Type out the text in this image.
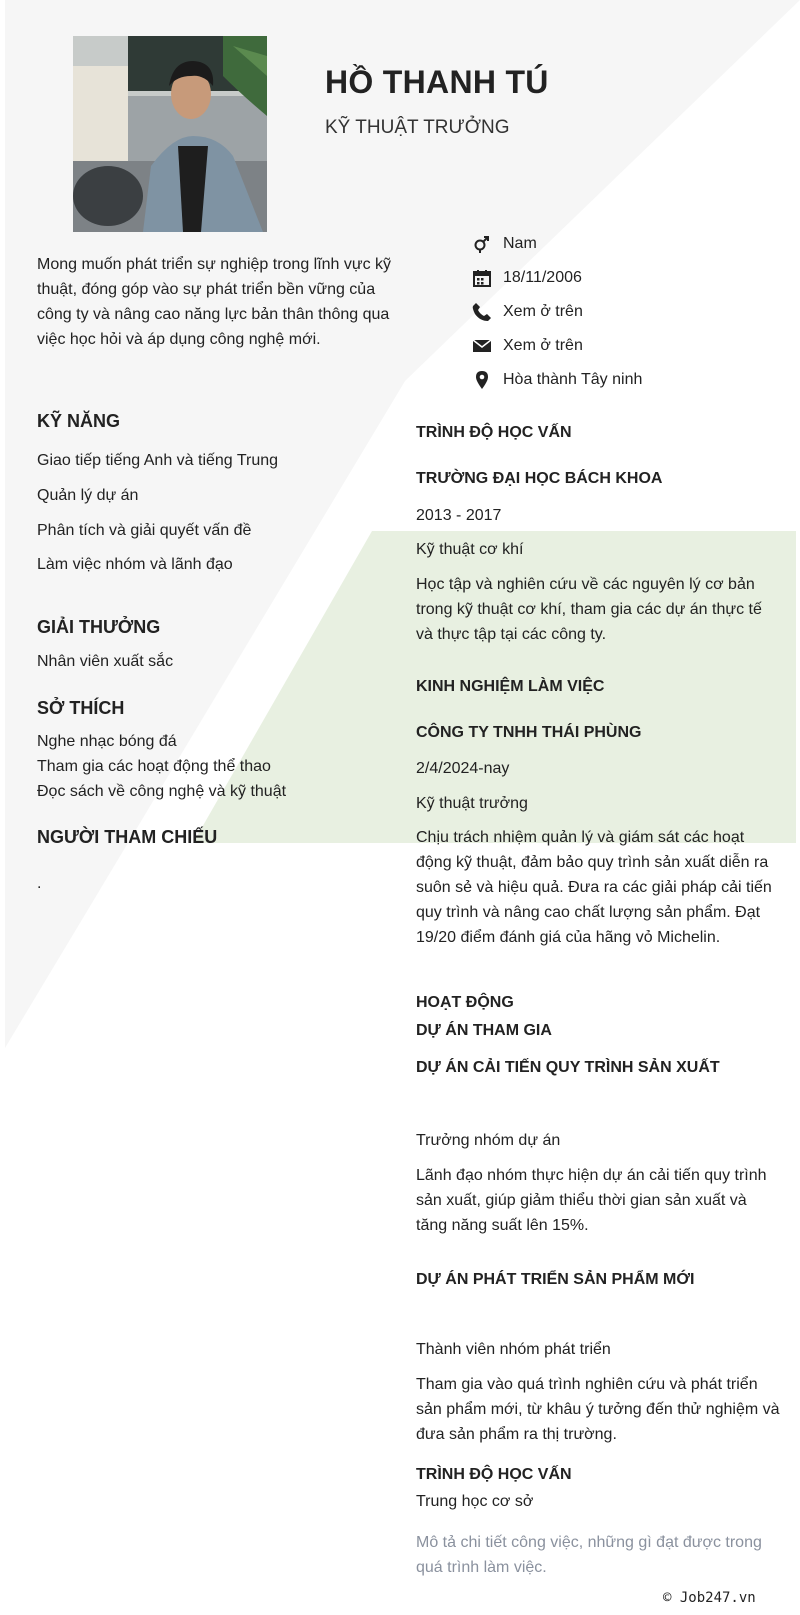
HỒ THANH TÚ
KỸ THUẬT TRƯỞNG
Mong muốn phát triển sự nghiệp trong lĩnh vực kỹ thuật, đóng góp vào sự phát triển bền vững của công ty và nâng cao năng lực bản thân thông qua việc học hỏi và áp dụng công nghệ mới.
Nam
18/11/2006
Xem ở trên
Xem ở trên
Hòa thành Tây ninh
KỸ NĂNG
Giao tiếp tiếng Anh và tiếng Trung
Quản lý dự án
Phân tích và giải quyết vấn đề
Làm việc nhóm và lãnh đạo
GIẢI THƯỞNG
Nhân viên xuất sắc
SỞ THÍCH
Nghe nhạc bóng đá
Tham gia các hoạt động thể thao
Đọc sách về công nghệ và kỹ thuật
NGƯỜI THAM CHIẾU
.
TRÌNH ĐỘ HỌC VẤN
TRƯỜNG ĐẠI HỌC BÁCH KHOA
2013 - 2017
Kỹ thuật cơ khí
Học tập và nghiên cứu về các nguyên lý cơ bản trong kỹ thuật cơ khí, tham gia các dự án thực tế và thực tập tại các công ty.
KINH NGHIỆM LÀM VIỆC
CÔNG TY TNHH THÁI PHÙNG
2/4/2024-nay
Kỹ thuật trưởng
Chịu trách nhiệm quản lý và giám sát các hoạt động kỹ thuật, đảm bảo quy trình sản xuất diễn ra suôn sẻ và hiệu quả. Đưa ra các giải pháp cải tiến quy trình và nâng cao chất lượng sản phẩm. Đạt 19/20 điểm đánh giá của hãng vỏ Michelin.
HOẠT ĐỘNG
DỰ ÁN THAM GIA
DỰ ÁN CẢI TIẾN QUY TRÌNH SẢN XUẤT
Trưởng nhóm dự án
Lãnh đạo nhóm thực hiện dự án cải tiến quy trình sản xuất, giúp giảm thiểu thời gian sản xuất và tăng năng suất lên 15%.
DỰ ÁN PHÁT TRIỂN SẢN PHẨM MỚI
Thành viên nhóm phát triển
Tham gia vào quá trình nghiên cứu và phát triển sản phẩm mới, từ khâu ý tưởng đến thử nghiệm và đưa sản phẩm ra thị trường.
TRÌNH ĐỘ HỌC VẤN
Trung học cơ sở
Mô tả chi tiết công việc, những gì đạt được trong quá trình làm việc.
© Job247.vn
